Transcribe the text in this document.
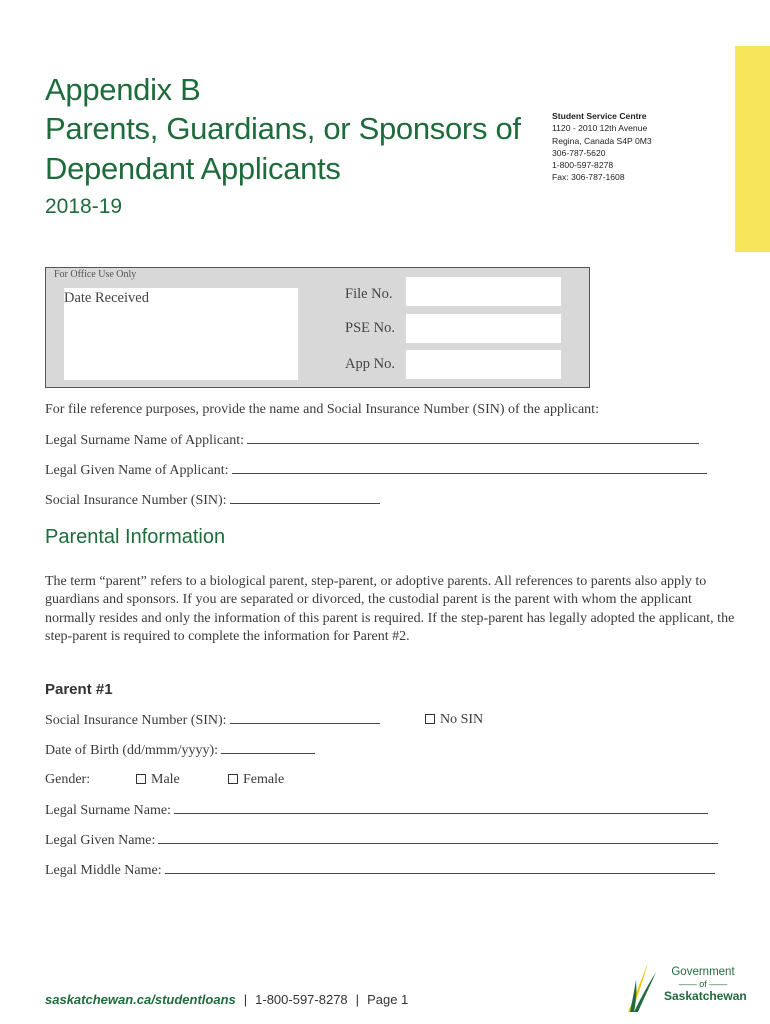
Appendix B
Parents, Guardians, or Sponsors of
Dependant Applicants
2018-19
Student Service Centre
1120 - 2010 12th Avenue
Regina, Canada S4P 0M3
306-787-5620
1-800-597-8278
Fax: 306-787-1608
For Office Use Only
Date Received	File No.
PSE No.
App No.
For file reference purposes, provide the name and Social Insurance Number (SIN) of the applicant:
Legal Surname Name of Applicant:
Legal Given Name of Applicant:
Social Insurance Number (SIN):
Parental Information
The term “parent” refers to a biological parent, step-parent, or adoptive parents. All references to parents also apply to guardians and sponsors. If you are separated or divorced, the custodial parent is the parent with whom the applicant normally resides and only the information of this parent is required. If the step-parent has legally adopted the applicant, the step-parent is required to complete the information for Parent #2.
Parent #1
Social Insurance Number (SIN):	No SIN
Date of Birth (dd/mmm/yyyy):
Gender:	Male	Female
Legal Surname Name:
Legal Given Name:
Legal Middle Name:
saskatchewan.ca/studentloans | 1-800-597-8278 | Page 1
Government
—— of ——
Saskatchewan
